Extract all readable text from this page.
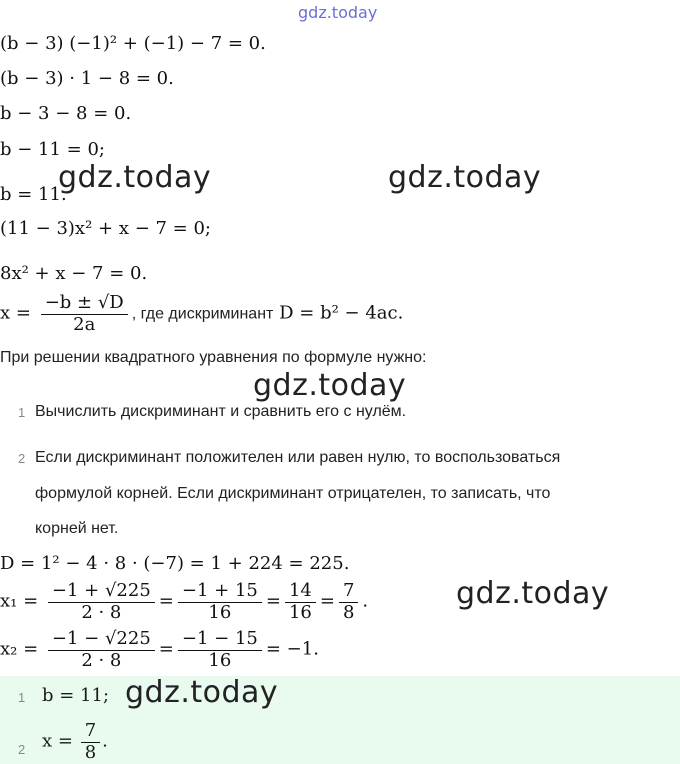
gdz.today
(b − 3) (−1)² + (−1) − 7 = 0.
(b − 3) · 1 − 8 = 0.
b − 3 − 8 = 0.
b − 11 = 0;
b = 11.
(11 − 3)x² + x − 7 = 0;
8x² + x − 7 = 0.
$x = \frac{-b \pm √D}{2a}$ , где дискриминант D = b² − 4ac.
При решении квадратного уравнения по формуле нужно:
1 Вычислить дискриминант и сравнить его с нулём.
2 Если дискриминант положителен или равен нулю, то воспользоваться
формулой корней. Если дискриминант отрицателен, то записать, что
корней нет.
D = 1² − 4 · 8 · (−7) = 1 + 224 = 225.
$x_1 = \frac{-1 + √225}{2 \cdot 8} = \frac{-1 + 15}{16} = \frac{14}{16} = \frac{7}{8}$ .
$x_2 = \frac{-1 - √225}{2 \cdot 8} = \frac{-1 - 15}{16} = -1$.
1 b = 11;
2 $x = \frac{7}{8}$ .
gdz.today	gdz.today
gdz.today
gdz.today
gdz.today
